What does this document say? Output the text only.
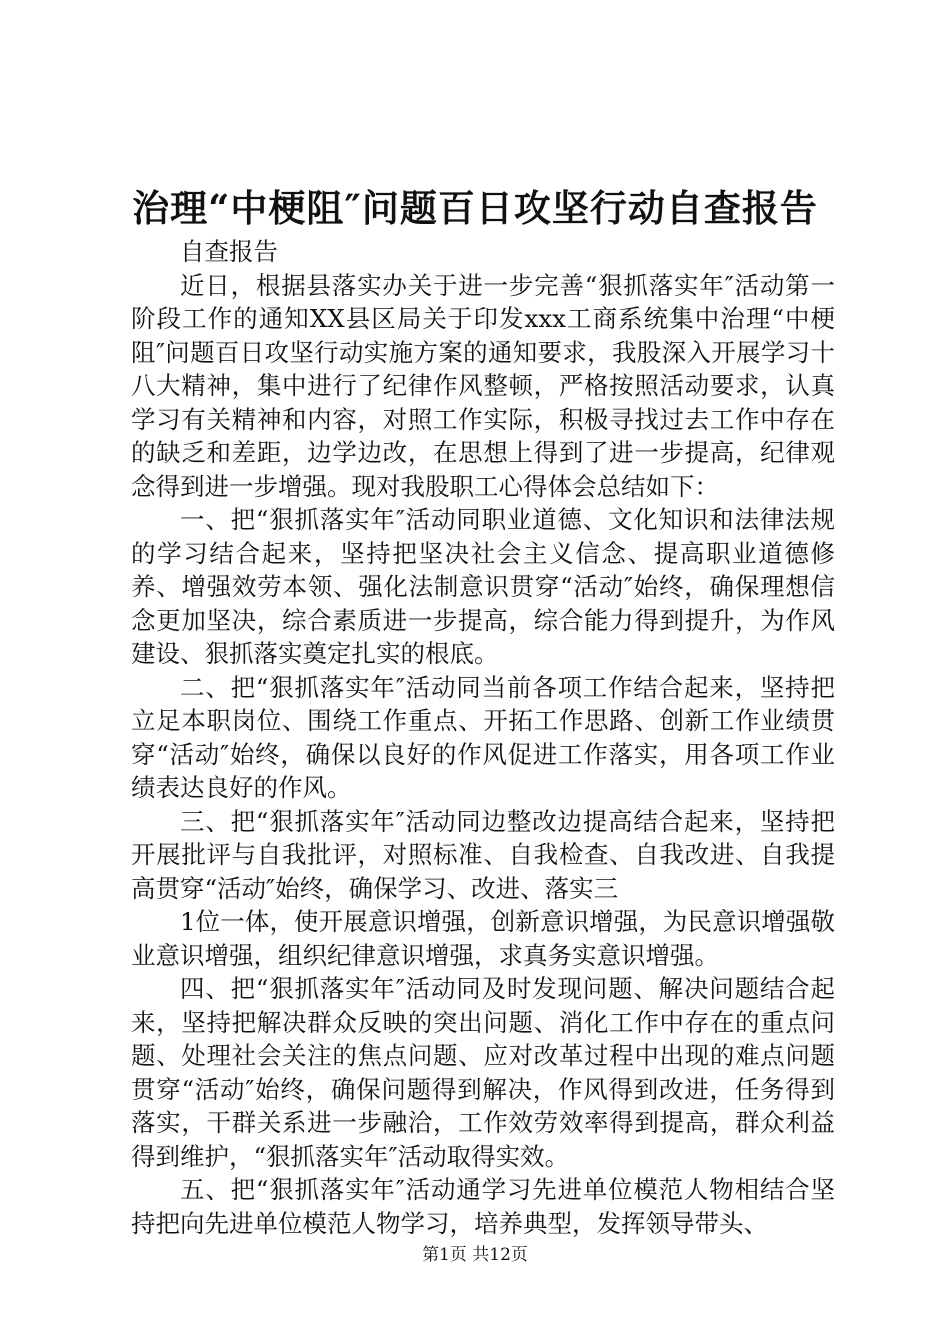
治理“中梗阻″问题百日攻坚行动自查报告

自查报告

近日，根据县落实办关于进一步完善“狠抓落实年″活动第一阶段工作的通知XX县区局关于印发xxx工商系统集中治理“中梗阻″问题百日攻坚行动实施方案的通知要求，我股深入开展学习十八大精神，集中进行了纪律作风整顿，严格按照活动要求，认真学习有关精神和内容，对照工作实际，积极寻找过去工作中存在的缺乏和差距，边学边改，在思想上得到了进一步提高，纪律观念得到进一步增强。现对我股职工心得体会总结如下：

一、把“狠抓落实年″活动同职业道德、文化知识和法律法规的学习结合起来，坚持把坚决社会主义信念、提高职业道德修养、增强效劳本领、强化法制意识贯穿“活动″始终，确保理想信念更加坚决，综合素质进一步提高，综合能力得到提升，为作风建设、狠抓落实奠定扎实的根底。

二、把“狠抓落实年″活动同当前各项工作结合起来，坚持把立足本职岗位、围绕工作重点、开拓工作思路、创新工作业绩贯穿“活动″始终，确保以良好的作风促进工作落实，用各项工作业绩表达良好的作风。

三、把“狠抓落实年″活动同边整改边提高结合起来，坚持把开展批评与自我批评，对照标准、自我检查、自我改进、自我提高贯穿“活动″始终，确保学习、改进、落实三

1位一体，使开展意识增强，创新意识增强，为民意识增强敬业意识增强，组织纪律意识增强，求真务实意识增强。

四、把“狠抓落实年″活动同及时发现问题、解决问题结合起来，坚持把解决群众反映的突出问题、消化工作中存在的重点问题、处理社会关注的焦点问题、应对改革过程中出现的难点问题贯穿“活动″始终，确保问题得到解决，作风得到改进，任务得到落实，干群关系进一步融洽，工作效劳效率得到提高，群众利益得到维护，“狠抓落实年″活动取得实效。

五、把“狠抓落实年″活动通学习先进单位模范人物相结合坚持把向先进单位模范人物学习，培养典型，发挥领导带头、

第1页 共12页
